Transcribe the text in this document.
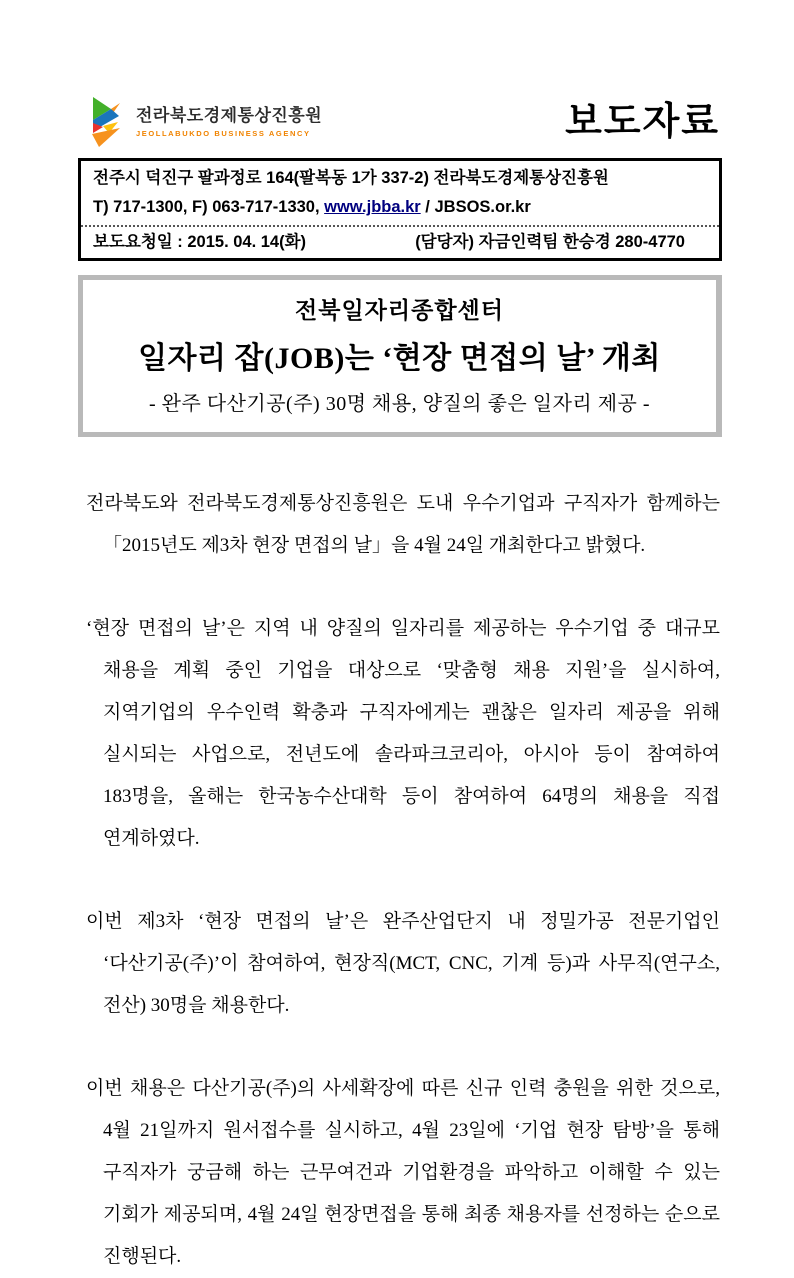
전라북도경제통상진흥원
JEOLLABUKDO BUSINESS AGENCY	보도자료
전주시 덕진구 팔과정로 164(팔복동 1가 337-2) 전라북도경제통상진흥원
T) 717-1300, F) 063-717-1330, www.jbba.kr / JBSOS.or.kr
보도요청일 : 2015. 04. 14(화)	(담당자) 자금인력팀 한승경 280-4770
전북일자리종합센터
일자리 잡(JOB)는 ‘현장 면접의 날’ 개최
- 완주 다산기공(주) 30명 채용, 양질의 좋은 일자리 제공 -

전라북도와 전라북도경제통상진흥원은 도내 우수기업과 구직자가 함께하는 「2015년도 제3차 현장 면접의 날」을 4월 24일 개최한다고 밝혔다.

‘현장 면접의 날’은 지역 내 양질의 일자리를 제공하는 우수기업 중 대규모 채용을 계획 중인 기업을 대상으로 ‘맞춤형 채용 지원’을 실시하여, 지역기업의 우수인력 확충과 구직자에게는 괜찮은 일자리 제공을 위해 실시되는 사업으로, 전년도에 솔라파크코리아, 아시아 등이 참여하여 183명을, 올해는 한국농수산대학 등이 참여하여 64명의 채용을 직접 연계하였다.

이번 제3차 ‘현장 면접의 날’은 완주산업단지 내 정밀가공 전문기업인 ‘다산기공(주)’이 참여하여, 현장직(MCT, CNC, 기계 등)과 사무직(연구소, 전산) 30명을 채용한다.

이번 채용은 다산기공(주)의 사세확장에 따른 신규 인력 충원을 위한 것으로, 4월 21일까지 원서접수를 실시하고, 4월 23일에 ‘기업 현장 탐방’을 통해 구직자가 궁금해 하는 근무여건과 기업환경을 파악하고 이해할 수 있는 기회가 제공되며, 4월 24일 현장면접을 통해 최종 채용자를 선정하는 순으로 진행된다.
